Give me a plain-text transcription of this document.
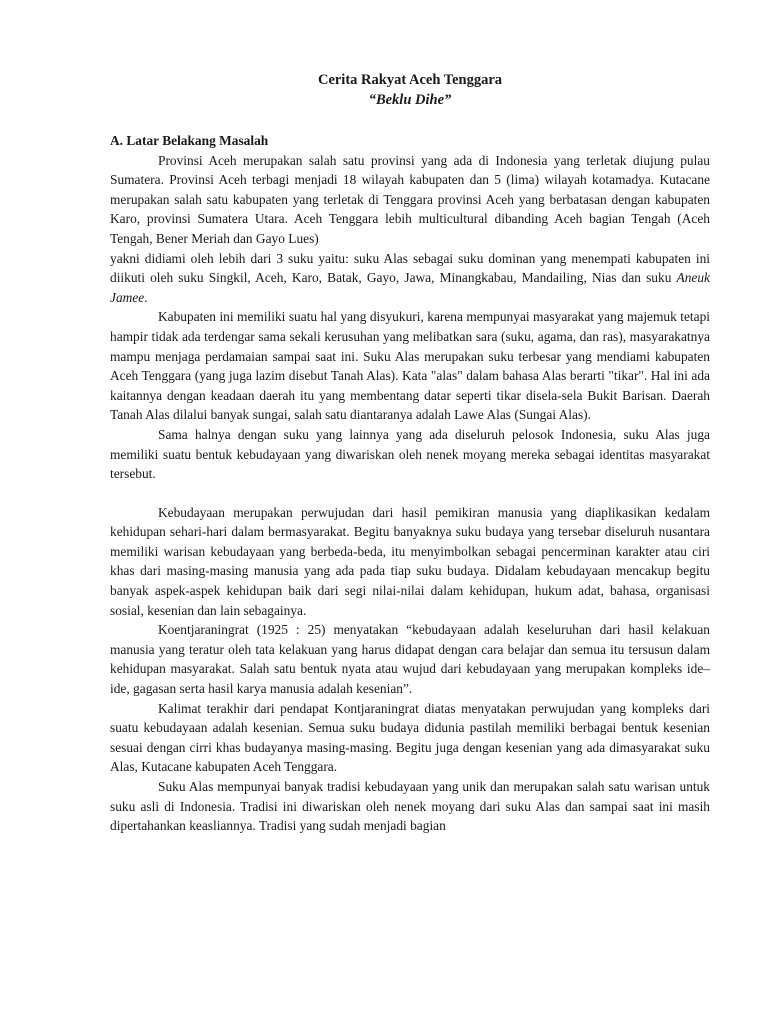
Cerita Rakyat Aceh Tenggara
“Beklu Dihe”
A. Latar Belakang Masalah

Provinsi Aceh merupakan salah satu provinsi yang ada di Indonesia yang terletak diujung pulau Sumatera. Provinsi Aceh terbagi menjadi 18 wilayah kabupaten dan 5 (lima) wilayah kotamadya. Kutacane merupakan salah satu kabupaten yang terletak di Tenggara provinsi Aceh yang berbatasan dengan kabupaten Karo, provinsi Sumatera Utara. Aceh Tenggara lebih multicultural dibanding Aceh bagian Tengah (Aceh Tengah, Bener Meriah dan Gayo Lues)

yakni didiami oleh lebih dari 3 suku yaitu: suku Alas sebagai suku dominan yang menempati kabupaten ini diikuti oleh suku Singkil, Aceh, Karo, Batak, Gayo, Jawa, Minangkabau, Mandailing, Nias dan suku Aneuk Jamee.

Kabupaten ini memiliki suatu hal yang disyukuri, karena mempunyai masyarakat yang majemuk tetapi hampir tidak ada terdengar sama sekali kerusuhan yang melibatkan sara (suku, agama, dan ras), masyarakatnya mampu menjaga perdamaian sampai saat ini. Suku Alas merupakan suku terbesar yang mendiami kabupaten Aceh Tenggara (yang juga lazim disebut Tanah Alas). Kata "alas" dalam bahasa Alas berarti "tikar". Hal ini ada kaitannya dengan keadaan daerah itu yang membentang datar seperti tikar disela-sela Bukit Barisan. Daerah Tanah Alas dilalui banyak sungai, salah satu diantaranya adalah Lawe Alas (Sungai Alas).

Sama halnya dengan suku yang lainnya yang ada diseluruh pelosok Indonesia, suku Alas juga memiliki suatu bentuk kebudayaan yang diwariskan oleh nenek moyang mereka sebagai identitas masyarakat tersebut.

Kebudayaan merupakan perwujudan dari hasil pemikiran manusia yang diaplikasikan kedalam kehidupan sehari-hari dalam bermasyarakat. Begitu banyaknya suku budaya yang tersebar diseluruh nusantara memiliki warisan kebudayaan yang berbeda-beda, itu menyimbolkan sebagai pencerminan karakter atau ciri khas dari masing-masing manusia yang ada pada tiap suku budaya. Didalam kebudayaan mencakup begitu banyak aspek-aspek kehidupan baik dari segi nilai-nilai dalam kehidupan, hukum adat, bahasa, organisasi sosial, kesenian dan lain sebagainya.

Koentjaraningrat (1925 : 25) menyatakan “kebudayaan adalah keseluruhan dari hasil kelakuan manusia yang teratur oleh tata kelakuan yang harus didapat dengan cara belajar dan semua itu tersusun dalam kehidupan masyarakat. Salah satu bentuk nyata atau wujud dari kebudayaan yang merupakan kompleks ide–ide, gagasan serta hasil karya manusia adalah kesenian”.

Kalimat terakhir dari pendapat Kontjaraningrat diatas menyatakan perwujudan yang kompleks dari suatu kebudayaan adalah kesenian. Semua suku budaya didunia pastilah memiliki berbagai bentuk kesenian sesuai dengan cirri khas budayanya masing-masing. Begitu juga dengan kesenian yang ada dimasyarakat suku Alas, Kutacane kabupaten Aceh Tenggara.

Suku Alas mempunyai banyak tradisi kebudayaan yang unik dan merupakan salah satu warisan untuk suku asli di Indonesia. Tradisi ini diwariskan oleh nenek moyang dari suku Alas dan sampai saat ini masih dipertahankan keasliannya. Tradisi yang sudah menjadi bagian
